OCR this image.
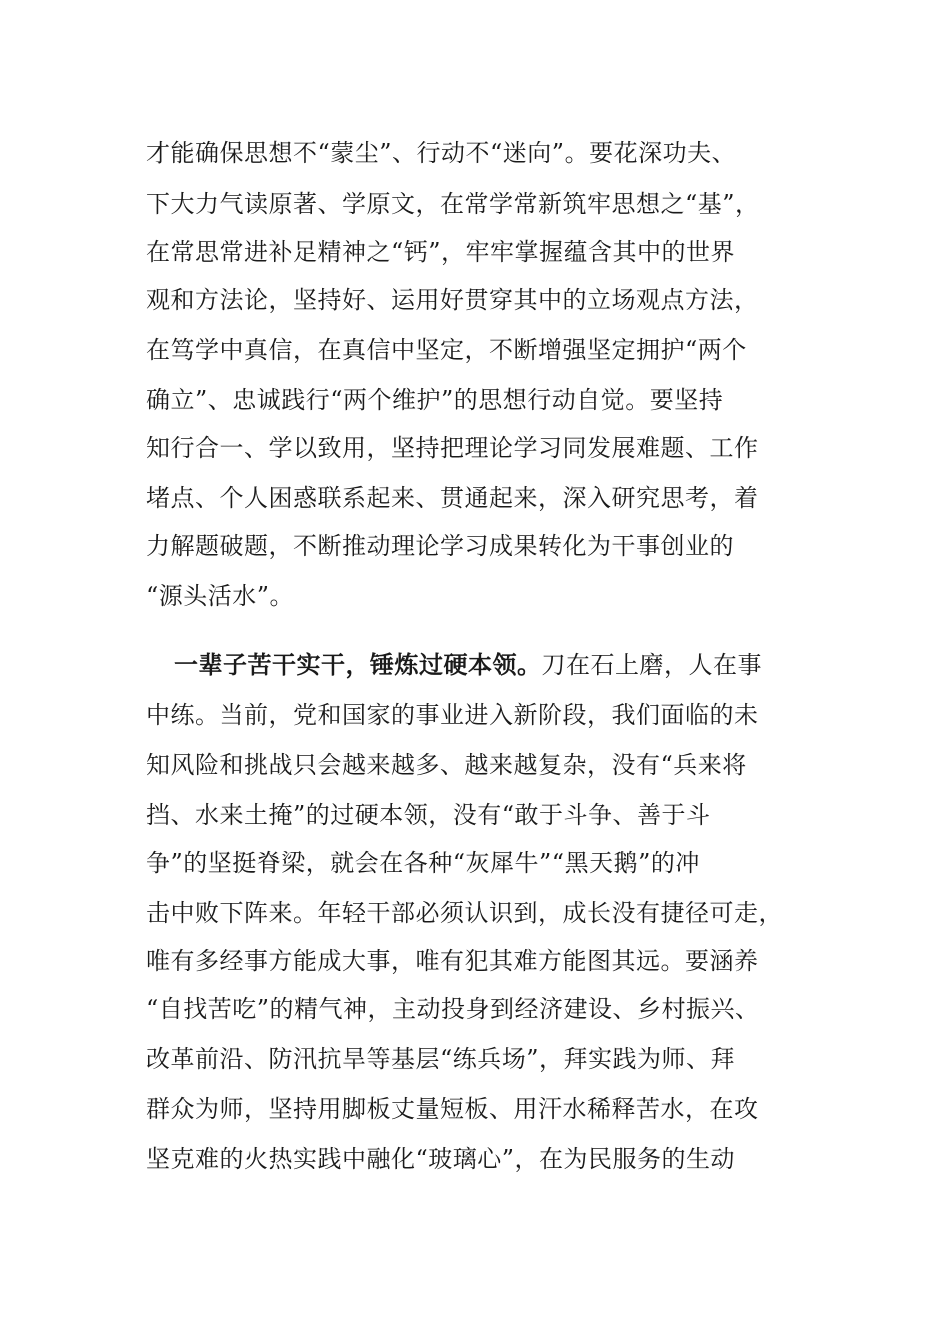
才能确保思想不“蒙尘”、行动不“迷向”。要花深功夫、
下大力气读原著、学原文，在常学常新筑牢思想之“基”，
在常思常进补足精神之“钙”，牢牢掌握蕴含其中的世界
观和方法论，坚持好、运用好贯穿其中的立场观点方法，
在笃学中真信，在真信中坚定，不断增强坚定拥护“两个
确立”、忠诚践行“两个维护”的思想行动自觉。要坚持
知行合一、学以致用，坚持把理论学习同发展难题、工作
堵点、个人困惑联系起来、贯通起来，深入研究思考，着
力解题破题，不断推动理论学习成果转化为干事创业的
“源头活水”。
一辈子苦干实干，锤炼过硬本领。刀在石上磨，人在事
中练。当前，党和国家的事业进入新阶段，我们面临的未
知风险和挑战只会越来越多、越来越复杂，没有“兵来将
挡、水来土掩”的过硬本领，没有“敢于斗争、善于斗
争”的坚挺脊梁，就会在各种“灰犀牛”“黑天鹅”的冲
击中败下阵来。年轻干部必须认识到，成长没有捷径可走，
唯有多经事方能成大事，唯有犯其难方能图其远。要涵养
“自找苦吃”的精气神，主动投身到经济建设、乡村振兴、
改革前沿、防汛抗旱等基层“练兵场”，拜实践为师、拜
群众为师，坚持用脚板丈量短板、用汗水稀释苦水，在攻
坚克难的火热实践中融化“玻璃心”，在为民服务的生动
